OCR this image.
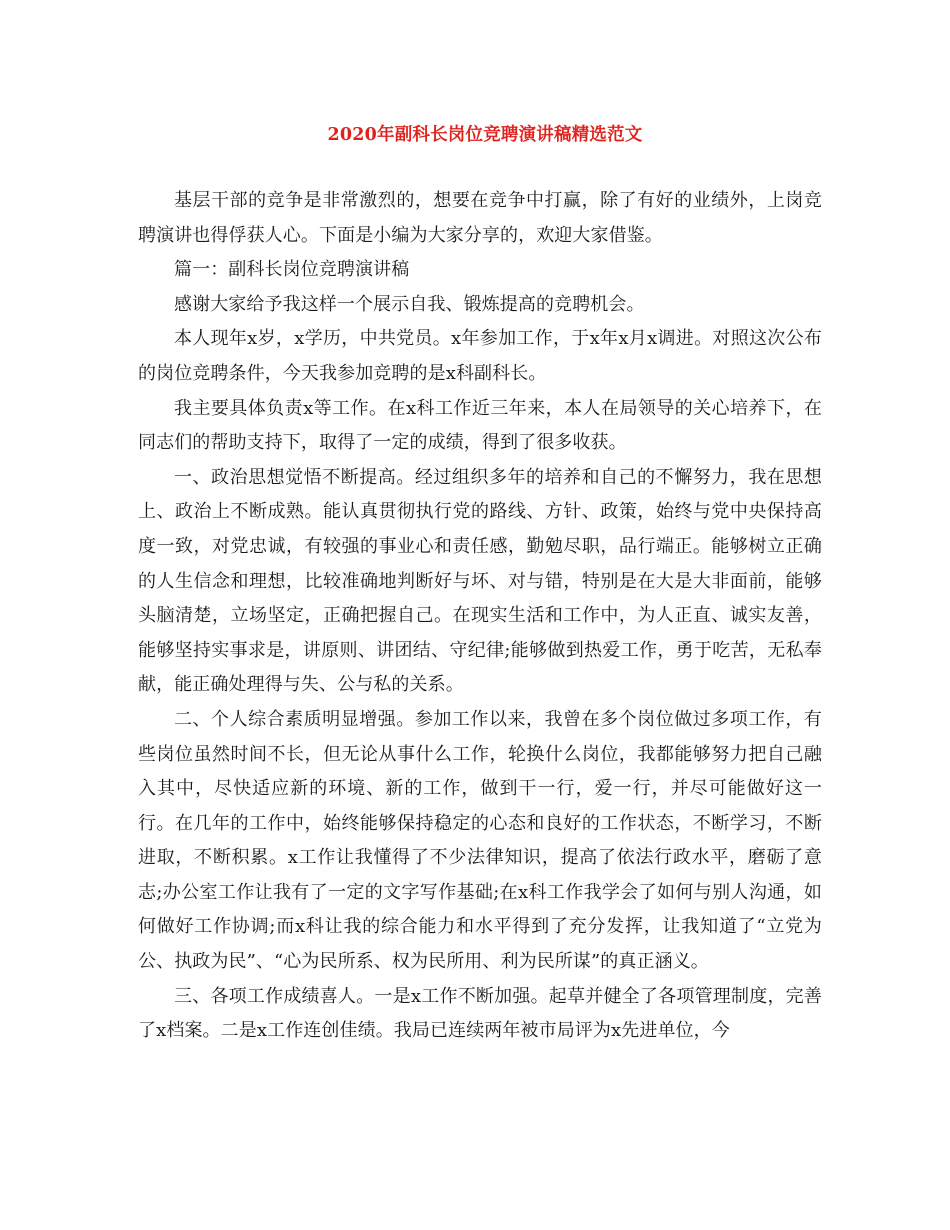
2020年副科长岗位竞聘演讲稿精选范文

基层干部的竞争是非常激烈的，想要在竞争中打赢，除了有好的业绩外，上岗竞聘演讲也得俘获人心。下面是小编为大家分享的，欢迎大家借鉴。

篇一：副科长岗位竞聘演讲稿

感谢大家给予我这样一个展示自我、锻炼提高的竞聘机会。

本人现年x岁，x学历，中共党员。x年参加工作，于x年x月x调进。对照这次公布的岗位竞聘条件，今天我参加竞聘的是x科副科长。

我主要具体负责x等工作。在x科工作近三年来，本人在局领导的关心培养下，在同志们的帮助支持下，取得了一定的成绩，得到了很多收获。

一、政治思想觉悟不断提高。经过组织多年的培养和自己的不懈努力，我在思想上、政治上不断成熟。能认真贯彻执行党的路线、方针、政策，始终与党中央保持高度一致，对党忠诚，有较强的事业心和责任感，勤勉尽职，品行端正。能够树立正确的人生信念和理想，比较准确地判断好与坏、对与错，特别是在大是大非面前，能够头脑清楚，立场坚定，正确把握自己。在现实生活和工作中，为人正直、诚实友善，能够坚持实事求是，讲原则、讲团结、守纪律;能够做到热爱工作，勇于吃苦，无私奉献，能正确处理得与失、公与私的关系。

二、个人综合素质明显增强。参加工作以来，我曾在多个岗位做过多项工作，有些岗位虽然时间不长，但无论从事什么工作，轮换什么岗位，我都能够努力把自己融入其中，尽快适应新的环境、新的工作，做到干一行，爱一行，并尽可能做好这一行。在几年的工作中，始终能够保持稳定的心态和良好的工作状态，不断学习，不断进取，不断积累。x工作让我懂得了不少法律知识，提高了依法行政水平，磨砺了意志;办公室工作让我有了一定的文字写作基础;在x科工作我学会了如何与别人沟通，如何做好工作协调;而x科让我的综合能力和水平得到了充分发挥，让我知道了“立党为公、执政为民”、“心为民所系、权为民所用、利为民所谋”的真正涵义。

三、各项工作成绩喜人。一是x工作不断加强。起草并健全了各项管理制度，完善了x档案。二是x工作连创佳绩。我局已连续两年被市局评为x先进单位，今
